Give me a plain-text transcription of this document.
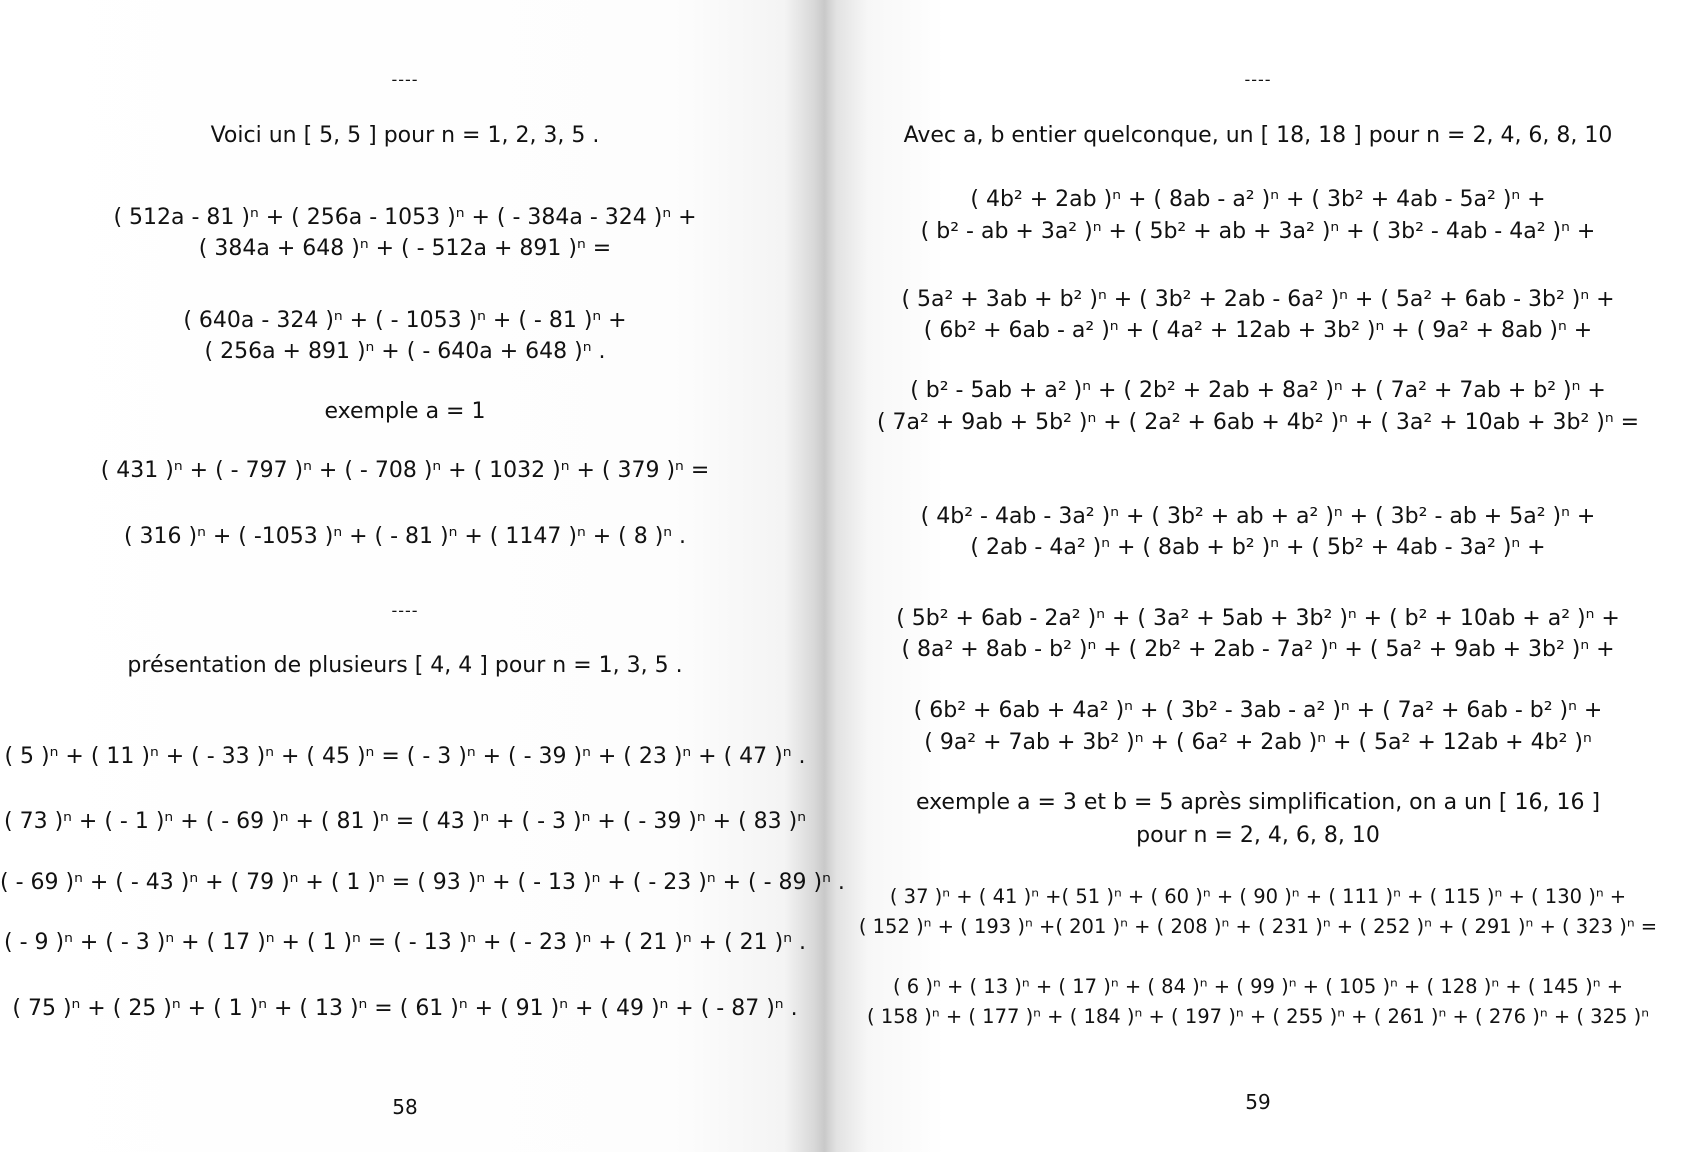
----
Voici un [ 5, 5 ] pour n = 1, 2, 3, 5 .
( 512a - 81 )ⁿ + ( 256a - 1053 )ⁿ + ( - 384a - 324 )ⁿ +
( 384a + 648 )ⁿ + ( - 512a + 891 )ⁿ =
( 640a - 324 )ⁿ + ( - 1053 )ⁿ + ( - 81 )ⁿ +
( 256a + 891 )ⁿ + ( - 640a + 648 )ⁿ .
exemple a = 1
( 431 )ⁿ + ( - 797 )ⁿ + ( - 708 )ⁿ + ( 1032 )ⁿ + ( 379 )ⁿ =
( 316 )ⁿ + ( -1053 )ⁿ + ( - 81 )ⁿ + ( 1147 )ⁿ + ( 8 )ⁿ .
----
présentation de plusieurs [ 4, 4 ] pour n = 1, 3, 5 .
( 5 )ⁿ + ( 11 )ⁿ + ( - 33 )ⁿ + ( 45 )ⁿ = ( - 3 )ⁿ + ( - 39 )ⁿ + ( 23 )ⁿ + ( 47 )ⁿ .
( 73 )ⁿ + ( - 1 )ⁿ + ( - 69 )ⁿ + ( 81 )ⁿ = ( 43 )ⁿ + ( - 3 )ⁿ + ( - 39 )ⁿ + ( 83 )ⁿ
( - 69 )ⁿ + ( - 43 )ⁿ + ( 79 )ⁿ + ( 1 )ⁿ = ( 93 )ⁿ + ( - 13 )ⁿ + ( - 23 )ⁿ + ( - 89 )ⁿ .
( - 9 )ⁿ + ( - 3 )ⁿ + ( 17 )ⁿ + ( 1 )ⁿ = ( - 13 )ⁿ + ( - 23 )ⁿ + ( 21 )ⁿ + ( 21 )ⁿ .
( 75 )ⁿ + ( 25 )ⁿ + ( 1 )ⁿ + ( 13 )ⁿ = ( 61 )ⁿ + ( 91 )ⁿ + ( 49 )ⁿ + ( - 87 )ⁿ .
58
----
Avec a, b entier quelconque, un [ 18, 18 ] pour n = 2, 4, 6, 8, 10
( 4b² + 2ab )ⁿ + ( 8ab - a² )ⁿ + ( 3b² + 4ab - 5a² )ⁿ +
( b² - ab + 3a² )ⁿ + ( 5b² + ab + 3a² )ⁿ + ( 3b² - 4ab - 4a² )ⁿ +
( 5a² + 3ab + b² )ⁿ + ( 3b² + 2ab - 6a² )ⁿ + ( 5a² + 6ab - 3b² )ⁿ +
( 6b² + 6ab - a² )ⁿ + ( 4a² + 12ab + 3b² )ⁿ + ( 9a² + 8ab )ⁿ +
( b² - 5ab + a² )ⁿ + ( 2b² + 2ab + 8a² )ⁿ + ( 7a² + 7ab + b² )ⁿ +
( 7a² + 9ab + 5b² )ⁿ + ( 2a² + 6ab + 4b² )ⁿ + ( 3a² + 10ab + 3b² )ⁿ =
( 4b² - 4ab - 3a² )ⁿ + ( 3b² + ab + a² )ⁿ + ( 3b² - ab + 5a² )ⁿ +
( 2ab - 4a² )ⁿ + ( 8ab + b² )ⁿ + ( 5b² + 4ab - 3a² )ⁿ +
( 5b² + 6ab - 2a² )ⁿ + ( 3a² + 5ab + 3b² )ⁿ + ( b² + 10ab + a² )ⁿ +
( 8a² + 8ab - b² )ⁿ + ( 2b² + 2ab - 7a² )ⁿ + ( 5a² + 9ab + 3b² )ⁿ +
( 6b² + 6ab + 4a² )ⁿ + ( 3b² - 3ab - a² )ⁿ + ( 7a² + 6ab - b² )ⁿ +
( 9a² + 7ab + 3b² )ⁿ + ( 6a² + 2ab )ⁿ + ( 5a² + 12ab + 4b² )ⁿ
exemple a = 3 et b = 5 après simplification, on a un [ 16, 16 ]
pour n = 2, 4, 6, 8, 10
( 37 )ⁿ + ( 41 )ⁿ +( 51 )ⁿ + ( 60 )ⁿ + ( 90 )ⁿ + ( 111 )ⁿ + ( 115 )ⁿ + ( 130 )ⁿ +
( 152 )ⁿ + ( 193 )ⁿ +( 201 )ⁿ + ( 208 )ⁿ + ( 231 )ⁿ + ( 252 )ⁿ + ( 291 )ⁿ + ( 323 )ⁿ =
( 6 )ⁿ + ( 13 )ⁿ + ( 17 )ⁿ + ( 84 )ⁿ + ( 99 )ⁿ + ( 105 )ⁿ + ( 128 )ⁿ + ( 145 )ⁿ +
( 158 )ⁿ + ( 177 )ⁿ + ( 184 )ⁿ + ( 197 )ⁿ + ( 255 )ⁿ + ( 261 )ⁿ + ( 276 )ⁿ + ( 325 )ⁿ
59
